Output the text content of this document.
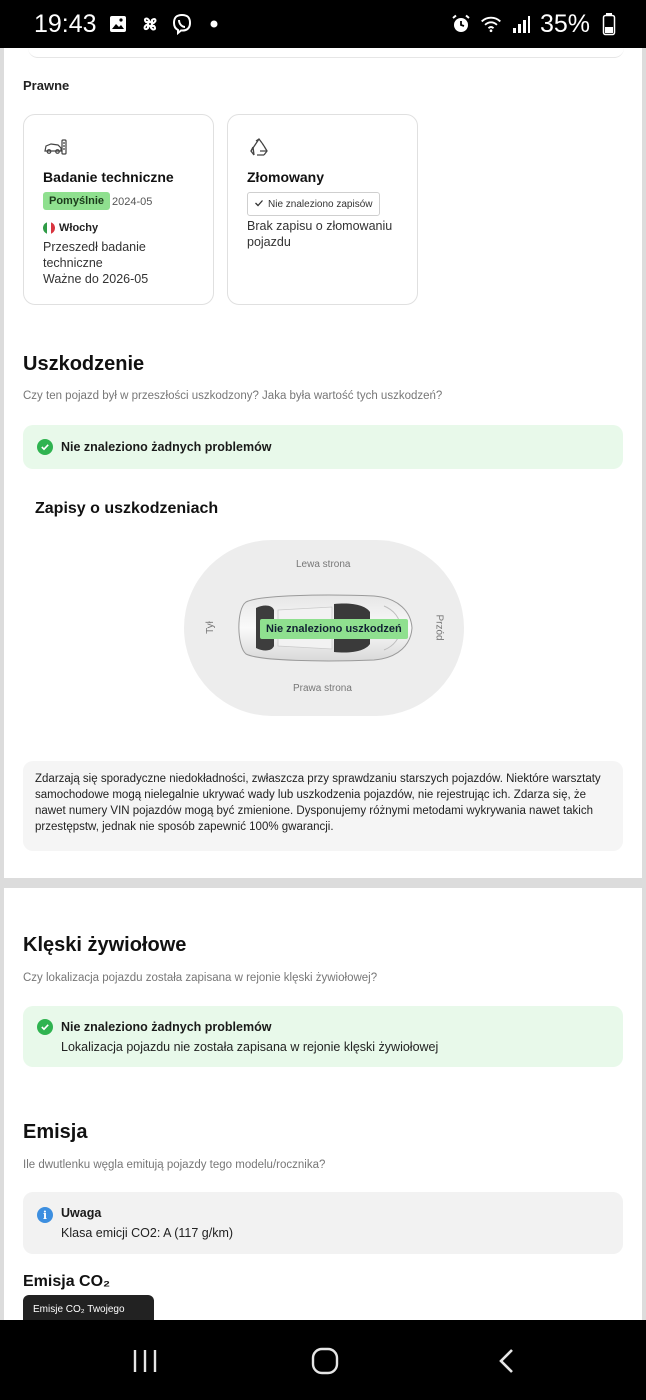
19:43	35%
Prawne
Badanie techniczne
Pomyślnie 2024-05
Włochy
Przeszedł badanie techniczne
Ważne do 2026-05
Złomowany
Nie znaleziono zapisów
Brak zapisu o złomowaniu pojazdu
Uszkodzenie
Czy ten pojazd był w przeszłości uszkodzony? Jaka była wartość tych uszkodzeń?
Nie znaleziono żadnych problemów
Zapisy o uszkodzeniach
Lewa strona
Prawa strona
Tył	Przód
Nie znaleziono uszkodzeń
Zdarzają się sporadyczne niedokładności, zwłaszcza przy sprawdzaniu starszych pojazdów. Niektóre warsztaty samochodowe mogą nielegalnie ukrywać wady lub uszkodzenia pojazdów, nie rejestrując ich. Zdarza się, że nawet numery VIN pojazdów mogą być zmienione. Dysponujemy różnymi metodami wykrywania nawet takich przestępstw, jednak nie sposób zapewnić 100% gwarancji.
Klęski żywiołowe
Czy lokalizacja pojazdu została zapisana w rejonie klęski żywiołowej?
Nie znaleziono żadnych problemów
Lokalizacja pojazdu nie została zapisana w rejonie klęski żywiołowej
Emisja
Ile dwutlenku węgla emitują pojazdy tego modelu/rocznika?
i	Uwaga
Klasa emicji CO2: A (117 g/km)
Emisja CO₂
Emisje CO₂ Twojego
